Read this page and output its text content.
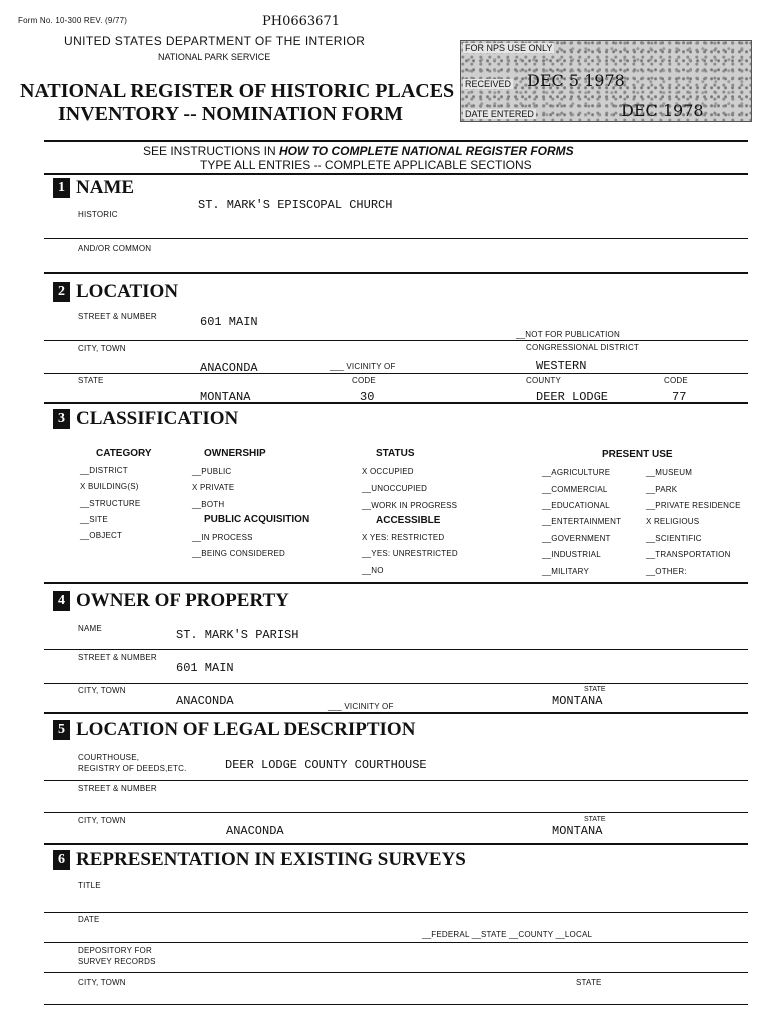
Form No. 10-300 REV. (9/77)	PH0663671
UNITED STATES DEPARTMENT OF THE INTERIOR
NATIONAL PARK SERVICE
NATIONAL REGISTER OF HISTORIC PLACES
INVENTORY -- NOMINATION FORM
FOR NPS USE ONLY
RECEIVED DEC 5 1978
DATE ENTERED	DEC 1978
SEE INSTRUCTIONS IN HOW TO COMPLETE NATIONAL REGISTER FORMS
TYPE ALL ENTRIES -- COMPLETE APPLICABLE SECTIONS
1 NAME
HISTORIC
ST. MARK'S EPISCOPAL CHURCH
AND/OR COMMON
2 LOCATION
STREET & NUMBER	601 MAIN
__NOT FOR PUBLICATION
CITY, TOWN	CONGRESSIONAL DISTRICT
ANACONDA	___ VICINITY OF	WESTERN
STATE	CODE	COUNTY	CODE
MONTANA	30	DEER LODGE	77
3 CLASSIFICATION
CATEGORY
__DISTRICT
X BUILDING(S)
__STRUCTURE
__SITE
__OBJECT
OWNERSHIP
__PUBLIC
X PRIVATE
__BOTH
PUBLIC ACQUISITION
__IN PROCESS
__BEING CONSIDERED
STATUS
X OCCUPIED
__UNOCCUPIED
__WORK IN PROGRESS
ACCESSIBLE
X YES: RESTRICTED
__YES: UNRESTRICTED
__NO
PRESENT USE
__AGRICULTURE
__COMMERCIAL
__EDUCATIONAL
__ENTERTAINMENT
__GOVERNMENT
__INDUSTRIAL
__MILITARY
__MUSEUM
__PARK
__PRIVATE RESIDENCE
X RELIGIOUS
__SCIENTIFIC
__TRANSPORTATION
__OTHER:
4 OWNER OF PROPERTY
NAME	ST. MARK'S PARISH
STREET & NUMBER
601 MAIN
CITY, TOWN
ANACONDA	___ VICINITY OF
STATE
MONTANA
5 LOCATION OF LEGAL DESCRIPTION
COURTHOUSE,
REGISTRY OF DEEDS,ETC.	DEER LODGE COUNTY COURTHOUSE
STREET & NUMBER
CITY, TOWN
ANACONDA
STATE
MONTANA
6 REPRESENTATION IN EXISTING SURVEYS
TITLE
DATE
__FEDERAL __STATE __COUNTY __LOCAL
DEPOSITORY FOR
SURVEY RECORDS
CITY, TOWN	STATE
